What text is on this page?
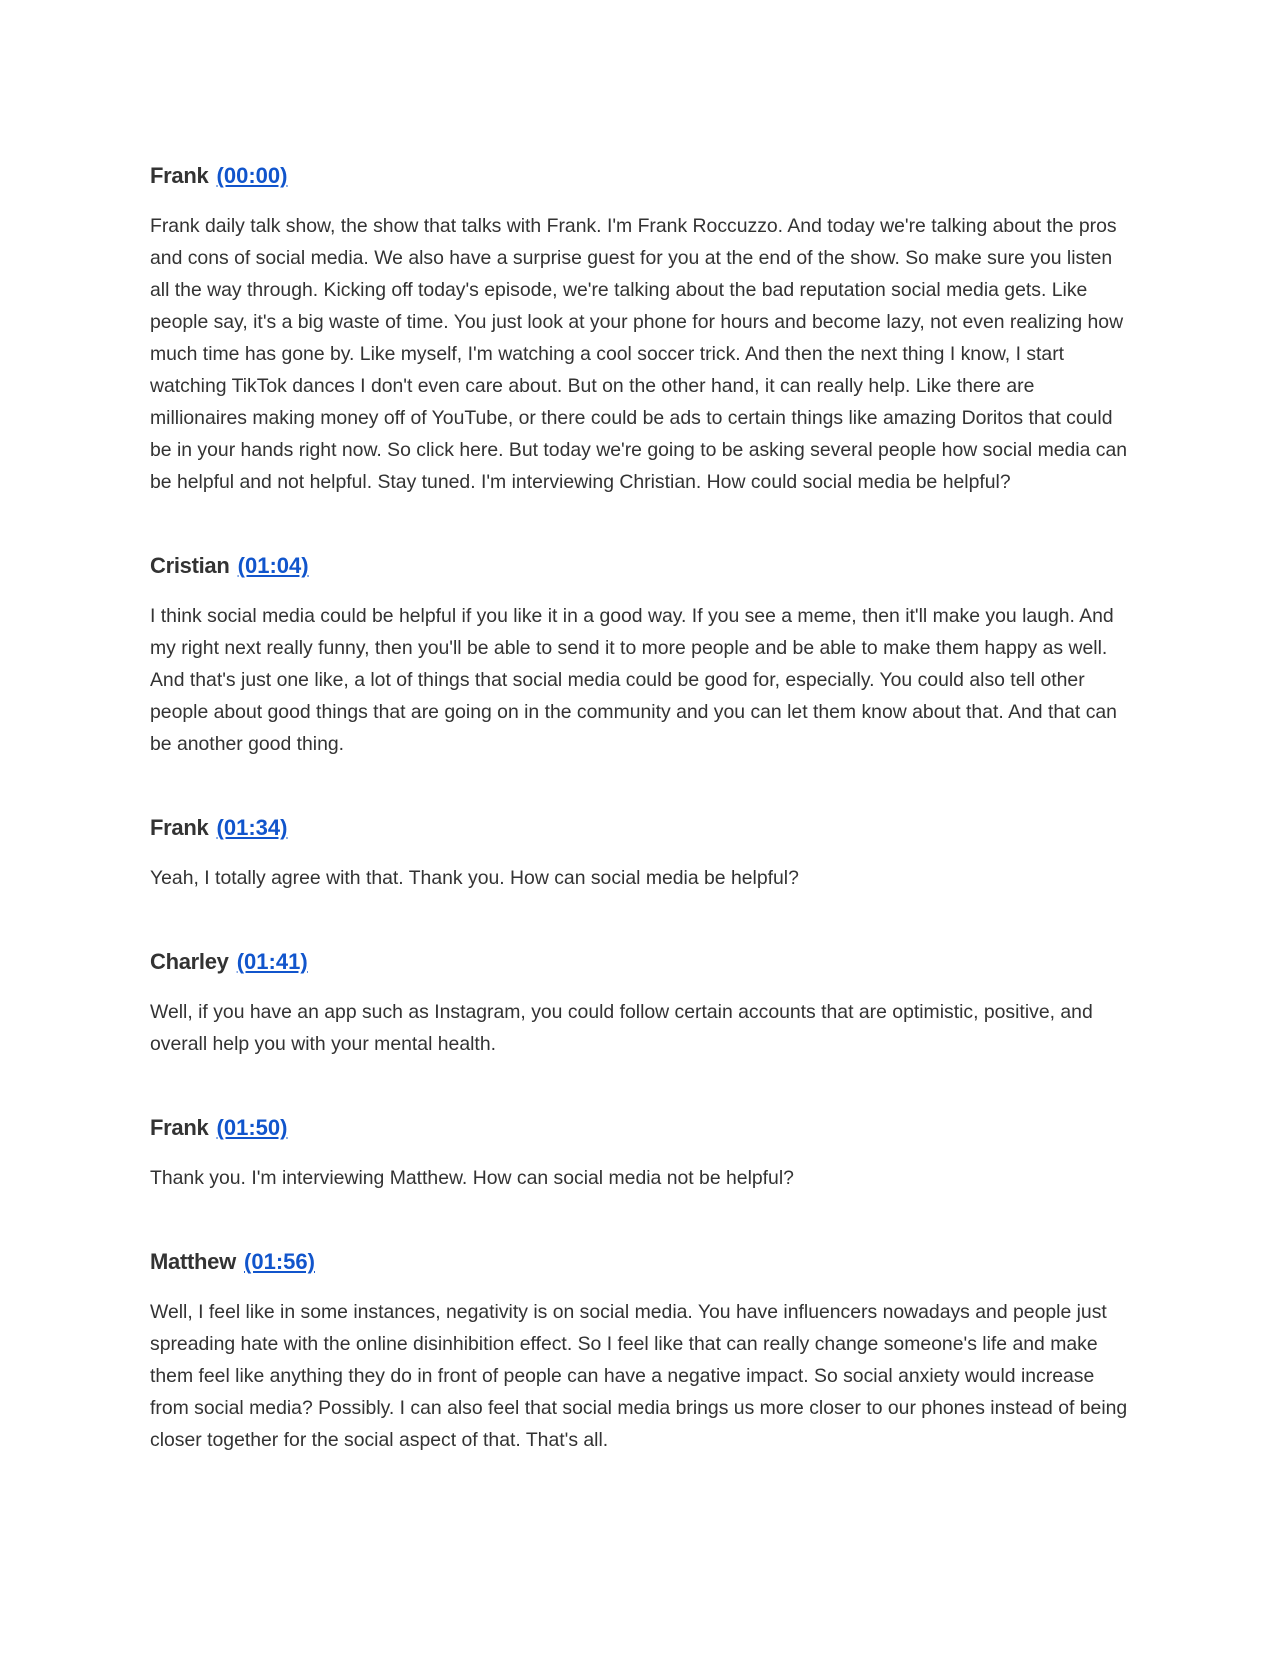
Frank (00:00)

Frank daily talk show, the show that talks with Frank. I'm Frank Roccuzzo. And today we're talking about the pros and cons of social media. We also have a surprise guest for you at the end of the show. So make sure you listen all the way through. Kicking off today's episode, we're talking about the bad reputation social media gets. Like people say, it's a big waste of time. You just look at your phone for hours and become lazy, not even realizing how much time has gone by. Like myself, I'm watching a cool soccer trick. And then the next thing I know, I start watching TikTok dances I don't even care about. But on the other hand, it can really help. Like there are millionaires making money off of YouTube, or there could be ads to certain things like amazing Doritos that could be in your hands right now. So click here. But today we're going to be asking several people how social media can be helpful and not helpful. Stay tuned. I'm interviewing Christian. How could social media be helpful?

Cristian (01:04)

I think social media could be helpful if you like it in a good way. If you see a meme, then it'll make you laugh. And my right next really funny, then you'll be able to send it to more people and be able to make them happy as well. And that's just one like, a lot of things that social media could be good for, especially. You could also tell other people about good things that are going on in the community and you can let them know about that. And that can be another good thing.

Frank (01:34)

Yeah, I totally agree with that. Thank you. How can social media be helpful?

Charley (01:41)

Well, if you have an app such as Instagram, you could follow certain accounts that are optimistic, positive, and overall help you with your mental health.

Frank (01:50)

Thank you. I'm interviewing Matthew. How can social media not be helpful?

Matthew (01:56)

Well, I feel like in some instances, negativity is on social media. You have influencers nowadays and people just spreading hate with the online disinhibition effect. So I feel like that can really change someone's life and make them feel like anything they do in front of people can have a negative impact. So social anxiety would increase from social media? Possibly. I can also feel that social media brings us more closer to our phones instead of being closer together for the social aspect of that. That's all.
